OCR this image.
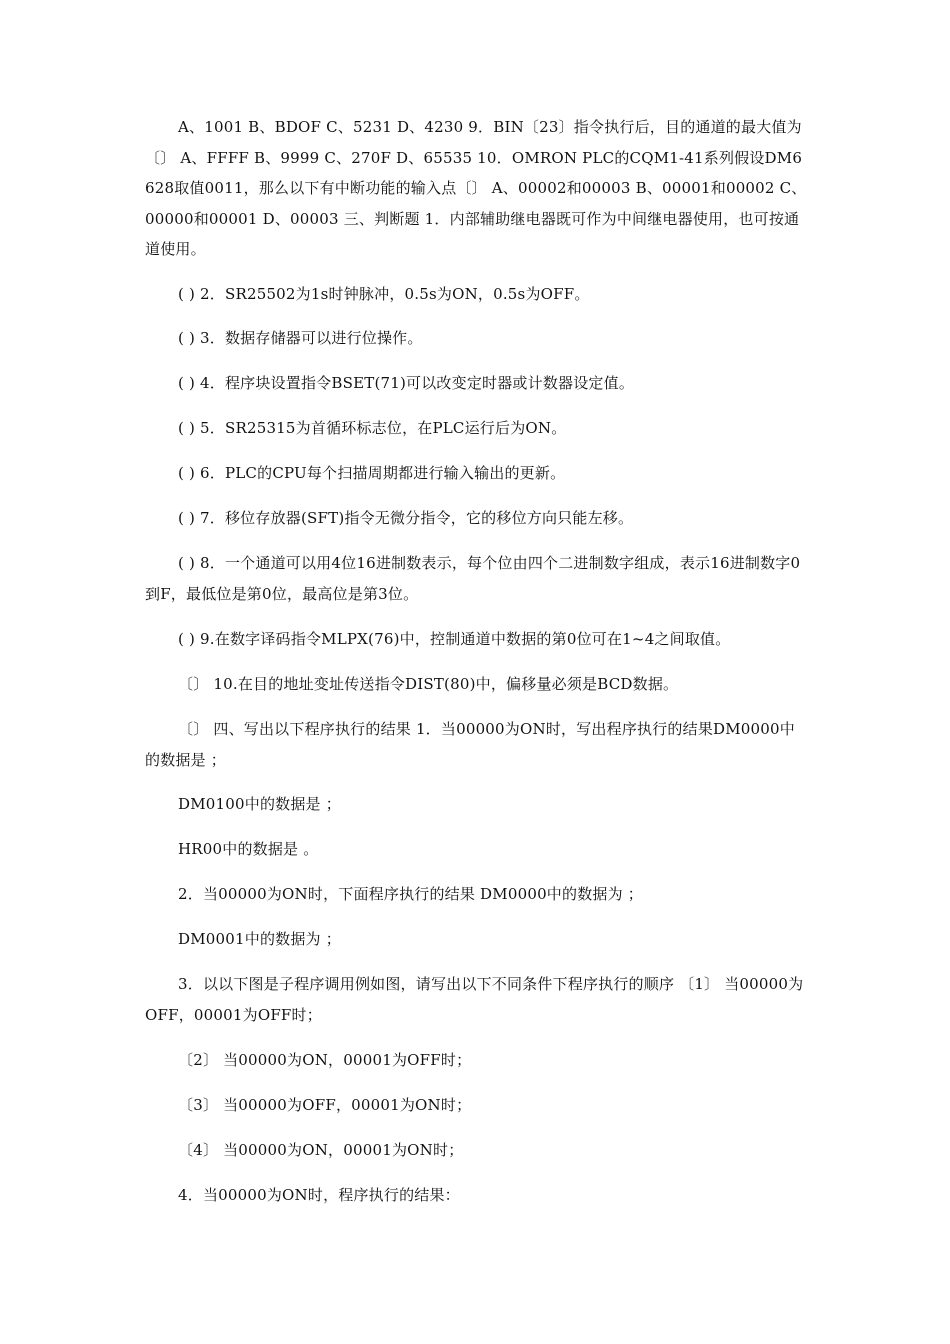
A、1001 B、BDOF C、5231 D、4230 9．BIN〔23〕指令执行后，目的通道的最大值为〔〕 A、FFFF B、9999 C、270F D、65535 10．OMRON PLC的CQM1-41系列假设DM6628取值0011，那么以下有中断功能的输入点〔〕 A、00002和00003 B、00001和00002 C、00000和00001 D、00003 三、判断题 1．内部辅助继电器既可作为中间继电器使用，也可按通道使用。
( ) 2．SR25502为1s时钟脉冲，0.5s为ON，0.5s为OFF。
( ) 3．数据存储器可以进行位操作。
( ) 4．程序块设置指令BSET(71)可以改变定时器或计数器设定值。
( ) 5．SR25315为首循环标志位，在PLC运行后为ON。
( ) 6．PLC的CPU每个扫描周期都进行输入输出的更新。
( ) 7．移位存放器(SFT)指令无微分指令，它的移位方向只能左移。
( ) 8．一个通道可以用4位16进制数表示，每个位由四个二进制数字组成，表示16进制数字0到F，最低位是第0位，最高位是第3位。
( ) 9.在数字译码指令MLPX(76)中，控制通道中数据的第0位可在1~4之间取值。
〔〕 10.在目的地址变址传送指令DIST(80)中，偏移量必须是BCD数据。
〔〕 四、写出以下程序执行的结果 1．当00000为ON时，写出程序执行的结果DM0000中的数据是 ；
DM0100中的数据是 ；
HR00中的数据是 。
2．当00000为ON时，下面程序执行的结果 DM0000中的数据为 ；
DM0001中的数据为 ；
3．以以下图是子程序调用例如图，请写出以下不同条件下程序执行的顺序 〔1〕 当00000为OFF，00001为OFF时；
〔2〕 当00000为ON，00001为OFF时；
〔3〕 当00000为OFF，00001为ON时；
〔4〕 当00000为ON，00001为ON时；
4．当00000为ON时，程序执行的结果：
